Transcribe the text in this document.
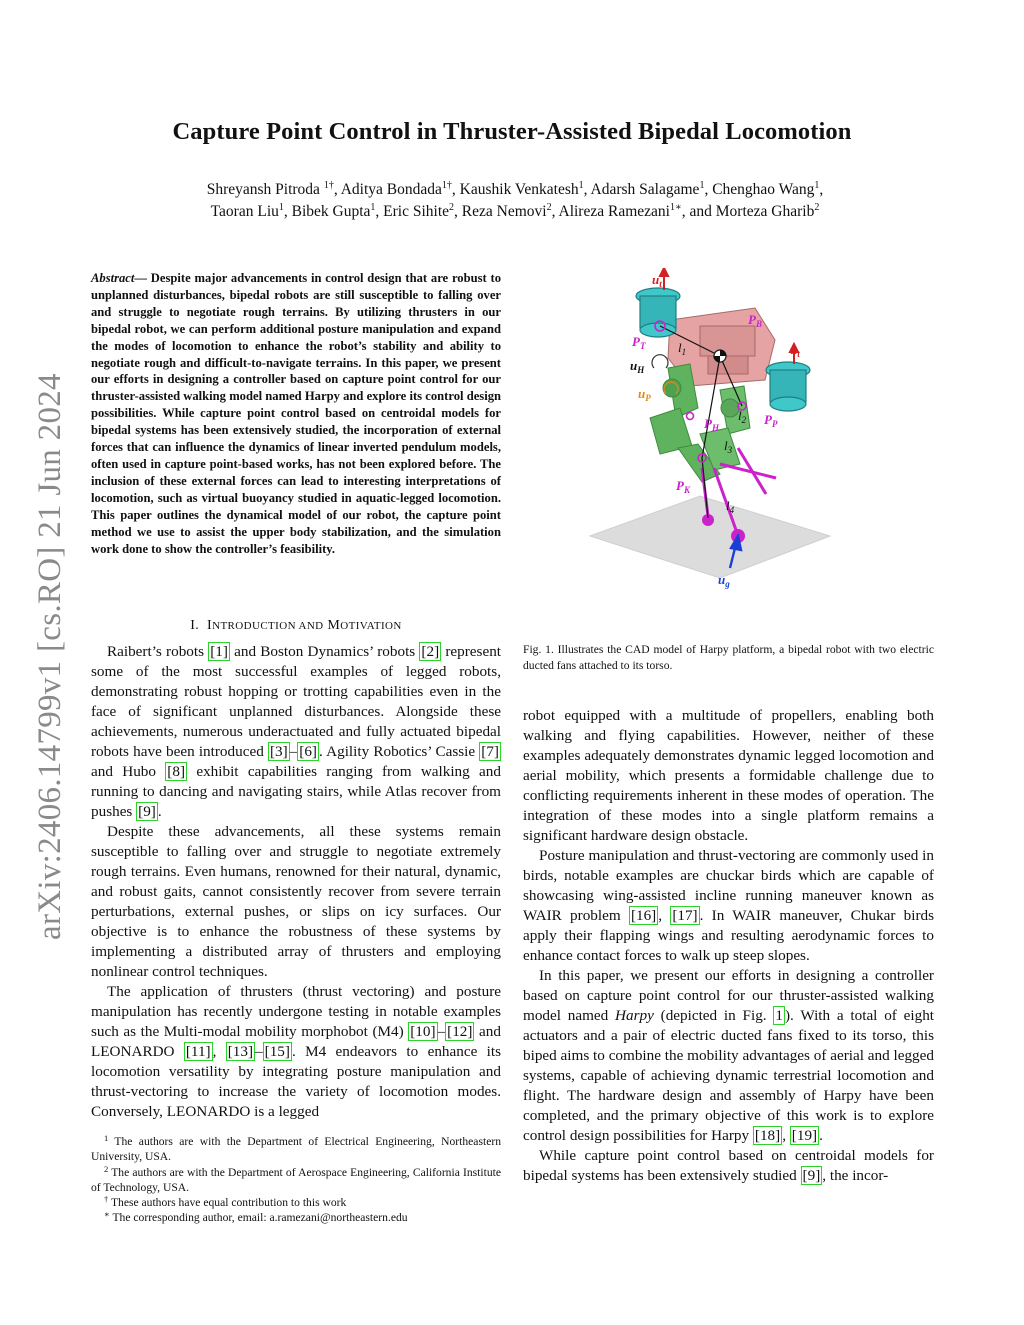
arXiv:2406.14799v1 [cs.RO] 21 Jun 2024
Capture Point Control in Thruster-Assisted Bipedal Locomotion
Shreyansh Pitroda $^{1\dagger}$, Aditya Bondada$^{1\dagger}$, Kaushik Venkatesh$^1$, Adarsh Salagame$^1$, Chenghao Wang$^1$,
Taoran Liu$^1$, Bibek Gupta$^1$, Eric Sihite$^2$, Reza Nemovi$^2$, Alireza Ramezani$^{1∗}$, and Morteza Gharib$^2$
Abstract— Despite major advancements in control design that are robust to unplanned disturbances, bipedal robots are still susceptible to falling over and struggle to negotiate rough terrains. By utilizing thrusters in our bipedal robot, we can perform additional posture manipulation and expand the modes of locomotion to enhance the robot’s stability and ability to negotiate rough and difficult-to-navigate terrains. In this paper, we present our efforts in designing a controller based on capture point control for our thruster-assisted walking model named Harpy and explore its control design possibilities. While capture point control based on centroidal models for bipedal systems has been extensively studied, the incorporation of external forces that can influence the dynamics of linear inverted pendulum models, often used in capture point-based works, has not been explored before. The inclusion of these external forces can lead to interesting interpretations of locomotion, such as virtual buoyancy studied in aquatic-legged locomotion. This paper outlines the dynamical model of our robot, the capture point method we use to assist the upper body stabilization, and the simulation work done to show the controller’s feasibility.
I. INTRODUCTION AND MOTIVATION

Raibert’s robots [1] and Boston Dynamics’ robots [2] represent some of the most successful examples of legged robots, demonstrating robust hopping or trotting capabilities even in the face of significant unplanned disturbances. Alongside these achievements, numerous underactuated and fully actuated bipedal robots have been introduced [3] – [6] . Agility Robotics’ Cassie [7] and Hubo [8] exhibit capabilities ranging from walking and running to dancing and navigating stairs, while Atlas recover from pushes [9] .

Despite these advancements, all these systems remain susceptible to falling over and struggle to negotiate extremely rough terrains. Even humans, renowned for their natural, dynamic, and robust gaits, cannot consistently recover from severe terrain perturbations, external pushes, or slips on icy surfaces. Our objective is to enhance the robustness of these systems by implementing a distributed array of thrusters and employing nonlinear control techniques.

The application of thrusters (thrust vectoring) and posture manipulation has recently undergone testing in notable examples such as the Multi-modal mobility morphobot (M4) [10] – [12] and LEONARDO [11] , [13] – [15] . M4 endeavors to enhance its locomotion versatility by integrating posture manipulation and thrust-vectoring to increase the variety of locomotion modes. Conversely, LEONARDO is a legged

$^1$ The authors are with the Department of Electrical Engineering, Northeastern University, USA.

$^2$ The authors are with the Department of Aerospace Engineering, California Institute of Technology, USA.

† These authors have equal contribution to this work

∗ The corresponding author, email: a.ramezani@northeastern.edu

$u_t$
$u_t$
$P_B$
$P_T$	$l_1$
$u_H$
$u_P$
$l_2$
$P_H$
$P_P$
$l_3$
$P_K$
$l_4$
$u_g$
Fig. 1. Illustrates the CAD model of Harpy platform, a bipedal robot with two electric ducted fans attached to its torso.

robot equipped with a multitude of propellers, enabling both walking and flying capabilities. However, neither of these examples adequately demonstrates dynamic legged locomotion and aerial mobility, which presents a formidable challenge due to conflicting requirements inherent in these modes of operation. The integration of these modes into a single platform remains a significant hardware design obstacle.

Posture manipulation and thrust-vectoring are commonly used in birds, notable examples are chuckar birds which are capable of showcasing wing-assisted incline running maneuver known as WAIR problem [16] , [17] . In WAIR maneuver, Chukar birds apply their flapping wings and resulting aerodynamic forces to enhance contact forces to walk up steep slopes.

In this paper, we present our efforts in designing a controller based on capture point control for our thruster-assisted walking model named Harpy (depicted in Fig. 1 ). With a total of eight actuators and a pair of electric ducted fans fixed to its torso, this biped aims to combine the mobility advantages of aerial and legged systems, capable of achieving dynamic terrestrial locomotion and flight. The hardware design and assembly of Harpy have been completed, and the primary objective of this work is to explore control design possibilities for Harpy [18] , [19] .

While capture point control based on centroidal models for bipedal systems has been extensively studied [9] , the incor-
